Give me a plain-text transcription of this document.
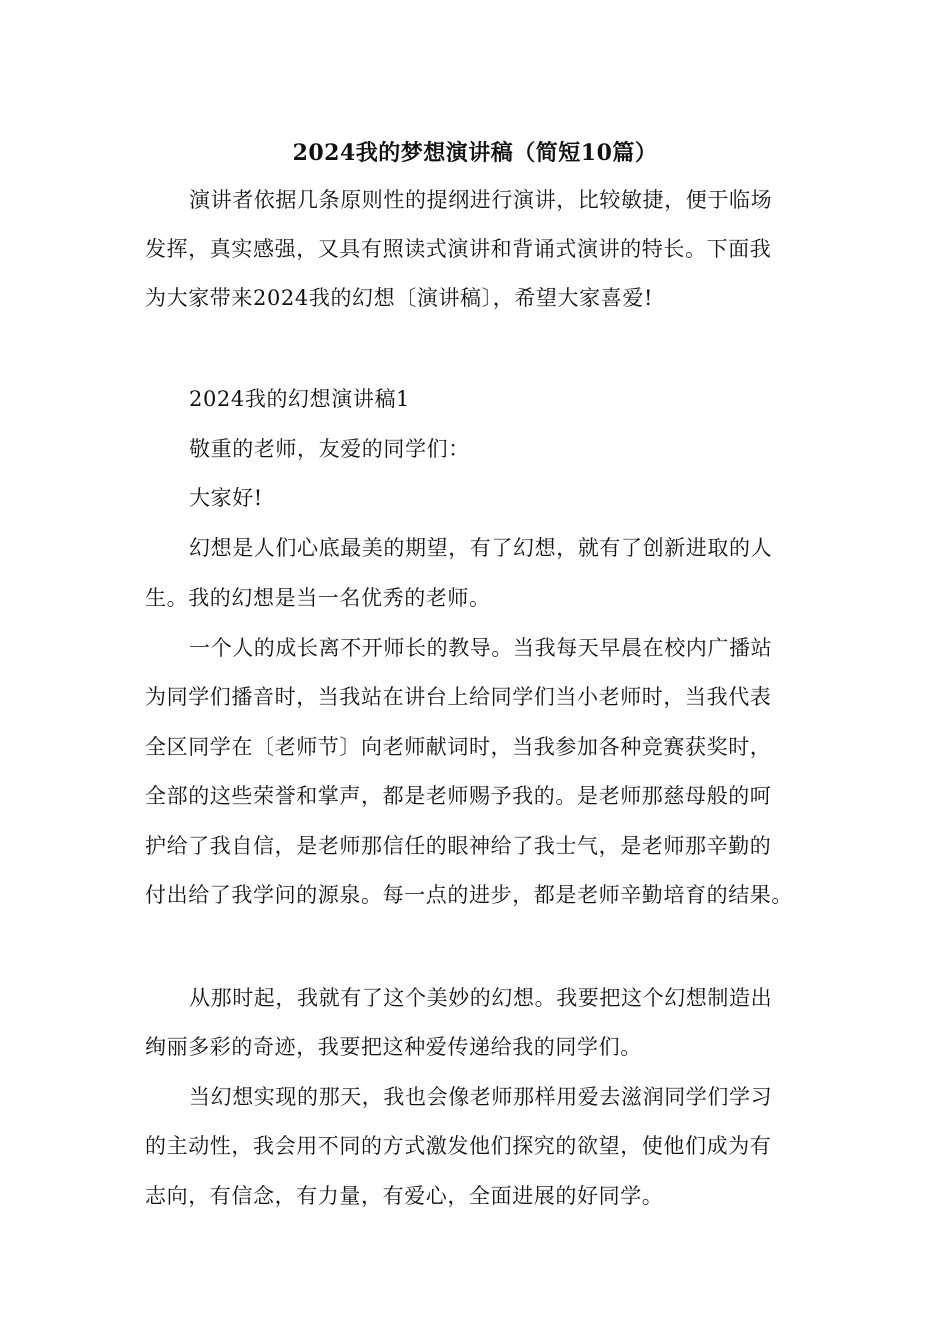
2024我的梦想演讲稿（简短10篇）
演讲者依据几条原则性的提纲进行演讲，比较敏捷，便于临场
发挥，真实感强，又具有照读式演讲和背诵式演讲的特长。下面我
为大家带来2024我的幻想〔演讲稿〕，希望大家喜爱!
2024我的幻想演讲稿1
敬重的老师，友爱的同学们：
大家好!
幻想是人们心底最美的期望，有了幻想，就有了创新进取的人
生。我的幻想是当一名优秀的老师。
一个人的成长离不开师长的教导。当我每天早晨在校内广播站
为同学们播音时，当我站在讲台上给同学们当小老师时，当我代表
全区同学在〔老师节〕向老师献词时，当我参加各种竞赛获奖时，
全部的这些荣誉和掌声，都是老师赐予我的。是老师那慈母般的呵
护给了我自信，是老师那信任的眼神给了我士气，是老师那辛勤的
付出给了我学问的源泉。每一点的进步，都是老师辛勤培育的结果。
从那时起，我就有了这个美妙的幻想。我要把这个幻想制造出
绚丽多彩的奇迹，我要把这种爱传递给我的同学们。
当幻想实现的那天，我也会像老师那样用爱去滋润同学们学习
的主动性，我会用不同的方式激发他们探究的欲望，使他们成为有
志向，有信念，有力量，有爱心，全面进展的好同学。
